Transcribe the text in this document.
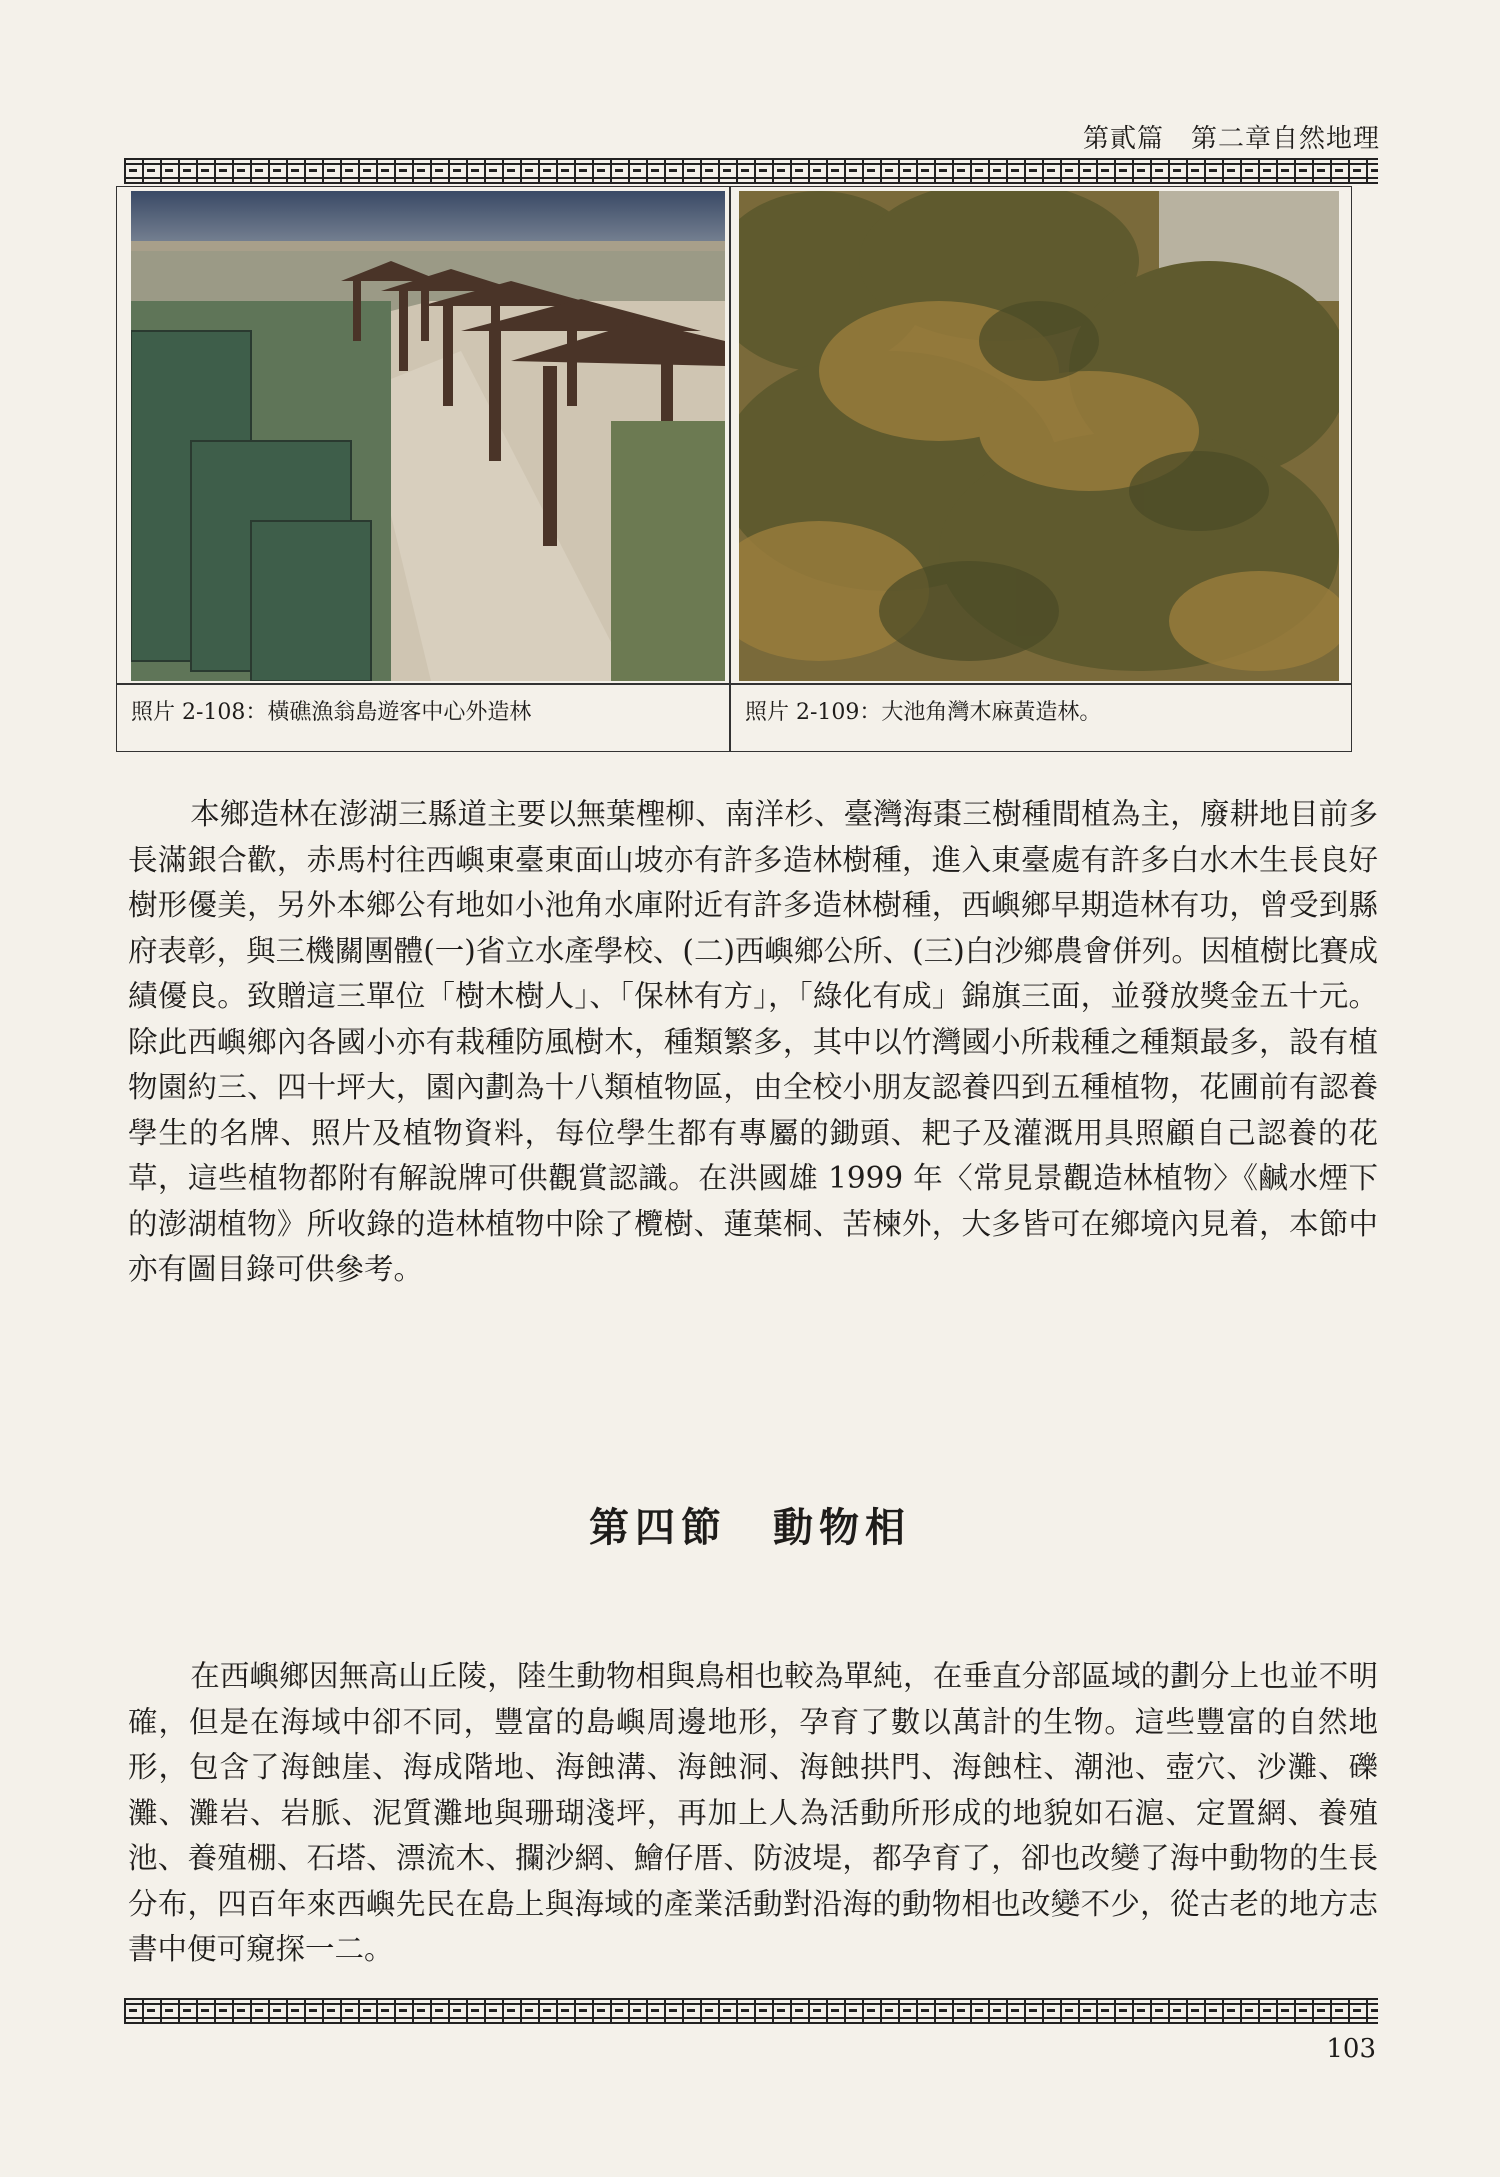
第貳篇　第二章自然地理
照片 2-108：橫礁漁翁島遊客中心外造林	照片 2-109：大池角灣木麻黃造林。

本鄉造林在澎湖三縣道主要以無葉檉柳、南洋杉、臺灣海棗三樹種間植為主，廢耕地目前多長滿銀合歡，赤馬村往西嶼東臺東面山坡亦有許多造林樹種，進入東臺處有許多白水木生長良好樹形優美，另外本鄉公有地如小池角水庫附近有許多造林樹種，西嶼鄉早期造林有功，曾受到縣府表彰，與三機關團體(一)省立水產學校、(二)西嶼鄉公所、(三)白沙鄉農會併列。因植樹比賽成績優良。致贈這三單位「樹木樹人」、「保林有方」，「綠化有成」錦旗三面，並發放獎金五十元。除此西嶼鄉內各國小亦有栽種防風樹木，種類繁多，其中以竹灣國小所栽種之種類最多，設有植物園約三、四十坪大，園內劃為十八類植物區，由全校小朋友認養四到五種植物，花圃前有認養學生的名牌、照片及植物資料，每位學生都有專屬的鋤頭、耙子及灌溉用具照顧自己認養的花草，這些植物都附有解說牌可供觀賞認識。在洪國雄 1999 年〈常見景觀造林植物〉《鹹水煙下的澎湖植物》所收錄的造林植物中除了欖樹、蓮葉桐、苦楝外，大多皆可在鄉境內見着，本節中亦有圖目錄可供參考。

第四節　動物相

在西嶼鄉因無高山丘陵，陸生動物相與鳥相也較為單純，在垂直分部區域的劃分上也並不明確，但是在海域中卻不同，豐富的島嶼周邊地形，孕育了數以萬計的生物。這些豐富的自然地形，包含了海蝕崖、海成階地、海蝕溝、海蝕洞、海蝕拱門、海蝕柱、潮池、壺穴、沙灘、礫灘、灘岩、岩脈、泥質灘地與珊瑚淺坪，再加上人為活動所形成的地貌如石滬、定置網、養殖池、養殖棚、石塔、漂流木、攔沙網、鱠仔厝、防波堤，都孕育了，卻也改變了海中動物的生長分布，四百年來西嶼先民在島上與海域的產業活動對沿海的動物相也改變不少，從古老的地方志書中便可窺探一二。

103
